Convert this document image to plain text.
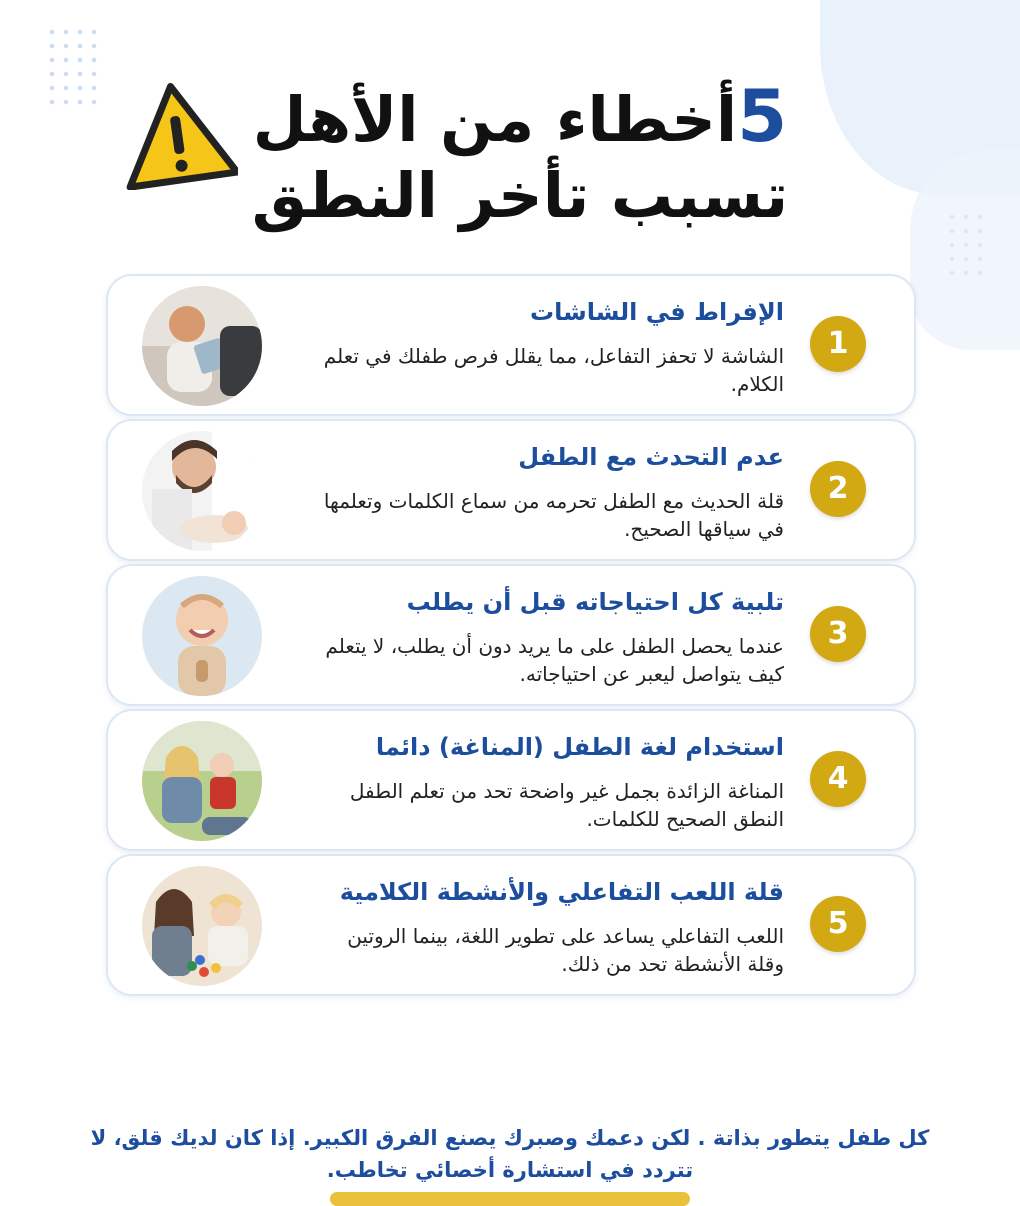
5أخطاء من الأهل
تسبب تأخر النطق
1
الإفراط في الشاشات
الشاشة لا تحفز التفاعل، مما يقلل فرص طفلك في تعلم الكلام.
2
عدم التحدث مع الطفل
قلة الحديث مع الطفل تحرمه من سماع الكلمات وتعلمها في سياقها الصحيح.
3
تلبية كل احتياجاته قبل أن يطلب
عندما يحصل الطفل على ما يريد دون أن يطلب، لا يتعلم كيف يتواصل ليعبر عن احتياجاته.
4
استخدام لغة الطفل (المناغة) دائما
المناغة الزائدة بجمل غير واضحة تحد من تعلم الطفل النطق الصحيح للكلمات.
5
قلة اللعب التفاعلي والأنشطة الكلامية
اللعب التفاعلي يساعد على تطوير اللغة، بينما الروتين وقلة الأنشطة تحد من ذلك.
كل طفل يتطور بذاتة . لكن دعمك وصبرك يصنع الفرق الكبير. إذا كان لديك قلق، لا تتردد في استشارة أخصائي تخاطب.
